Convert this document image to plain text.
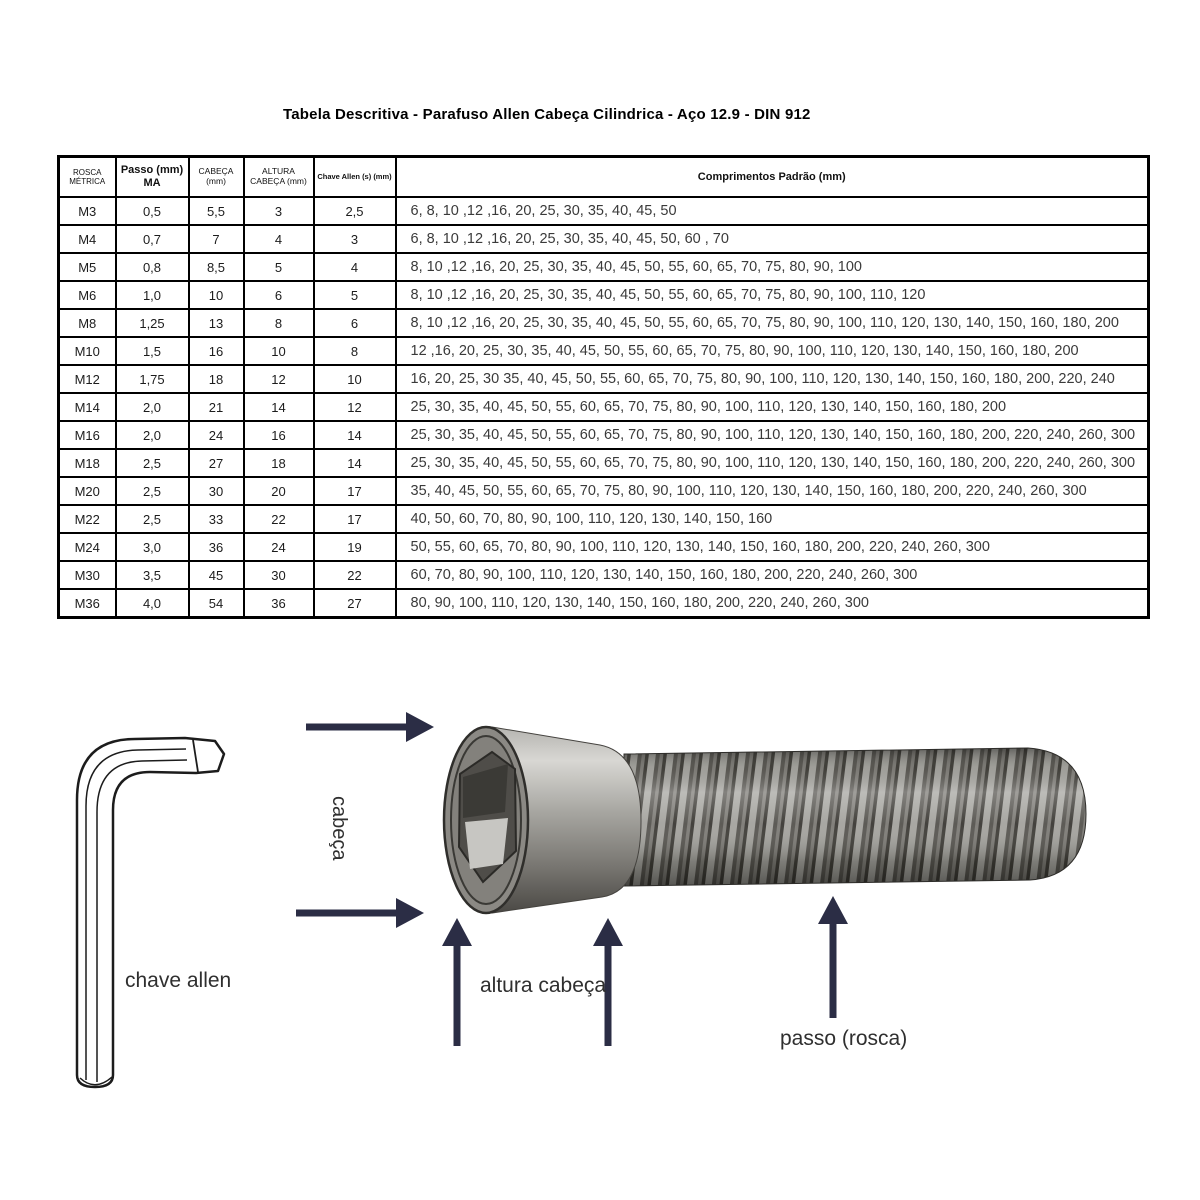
Tabela Descritiva - Parafuso Allen Cabeça Cilindrica - Aço 12.9 - DIN 912
ROSCA MÉTRICA	Passo (mm) MA	CABEÇA (mm)	ALTURA CABEÇA (mm)	Chave Allen (s) (mm)	Comprimentos Padrão (mm)
M3	0,5	5,5	3	2,5	6, 8, 10 ,12 ,16, 20, 25, 30, 35, 40, 45, 50
M4	0,7	7	4	3	6, 8, 10 ,12 ,16, 20, 25, 30, 35, 40, 45, 50, 60 , 70
M5	0,8	8,5	5	4	8, 10 ,12 ,16, 20, 25, 30, 35, 40, 45, 50, 55, 60, 65, 70, 75, 80, 90, 100
M6	1,0	10	6	5	8, 10 ,12 ,16, 20, 25, 30, 35, 40, 45, 50, 55, 60, 65, 70, 75, 80, 90, 100, 110, 120
M8	1,25	13	8	6	8, 10 ,12 ,16, 20, 25, 30, 35, 40, 45, 50, 55, 60, 65, 70, 75, 80, 90, 100, 110, 120, 130, 140, 150, 160, 180, 200
M10	1,5	16	10	8	12 ,16, 20, 25, 30, 35, 40, 45, 50, 55, 60, 65, 70, 75, 80, 90, 100, 110, 120, 130, 140, 150, 160, 180, 200
M12	1,75	18	12	10	16, 20, 25, 30 35, 40, 45, 50, 55, 60, 65, 70, 75, 80, 90, 100, 110, 120, 130, 140, 150, 160, 180, 200, 220, 240
M14	2,0	21	14	12	25, 30, 35, 40, 45, 50, 55, 60, 65, 70, 75, 80, 90, 100, 110, 120, 130, 140, 150, 160, 180, 200
M16	2,0	24	16	14	25, 30, 35, 40, 45, 50, 55, 60, 65, 70, 75, 80, 90, 100, 110, 120, 130, 140, 150, 160, 180, 200, 220, 240, 260, 300
M18	2,5	27	18	14	25, 30, 35, 40, 45, 50, 55, 60, 65, 70, 75, 80, 90, 100, 110, 120, 130, 140, 150, 160, 180, 200, 220, 240, 260, 300
M20	2,5	30	20	17	35, 40, 45, 50, 55, 60, 65, 70, 75, 80, 90, 100, 110, 120, 130, 140, 150, 160, 180, 200, 220, 240, 260, 300
M22	2,5	33	22	17	40, 50, 60, 70, 80, 90, 100, 110, 120, 130, 140, 150, 160
M24	3,0	36	24	19	50, 55, 60, 65, 70, 80, 90, 100, 110, 120, 130, 140, 150, 160, 180, 200, 220, 240, 260, 300
M30	3,5	45	30	22	60, 70, 80, 90, 100, 110, 120, 130, 140, 150, 160, 180, 200, 220, 240, 260, 300
M36	4,0	54	36	27	80, 90, 100, 110, 120, 130, 140, 150, 160, 180, 200, 220, 240, 260, 300
cabeça
chave allen	altura cabeça
passo (rosca)
